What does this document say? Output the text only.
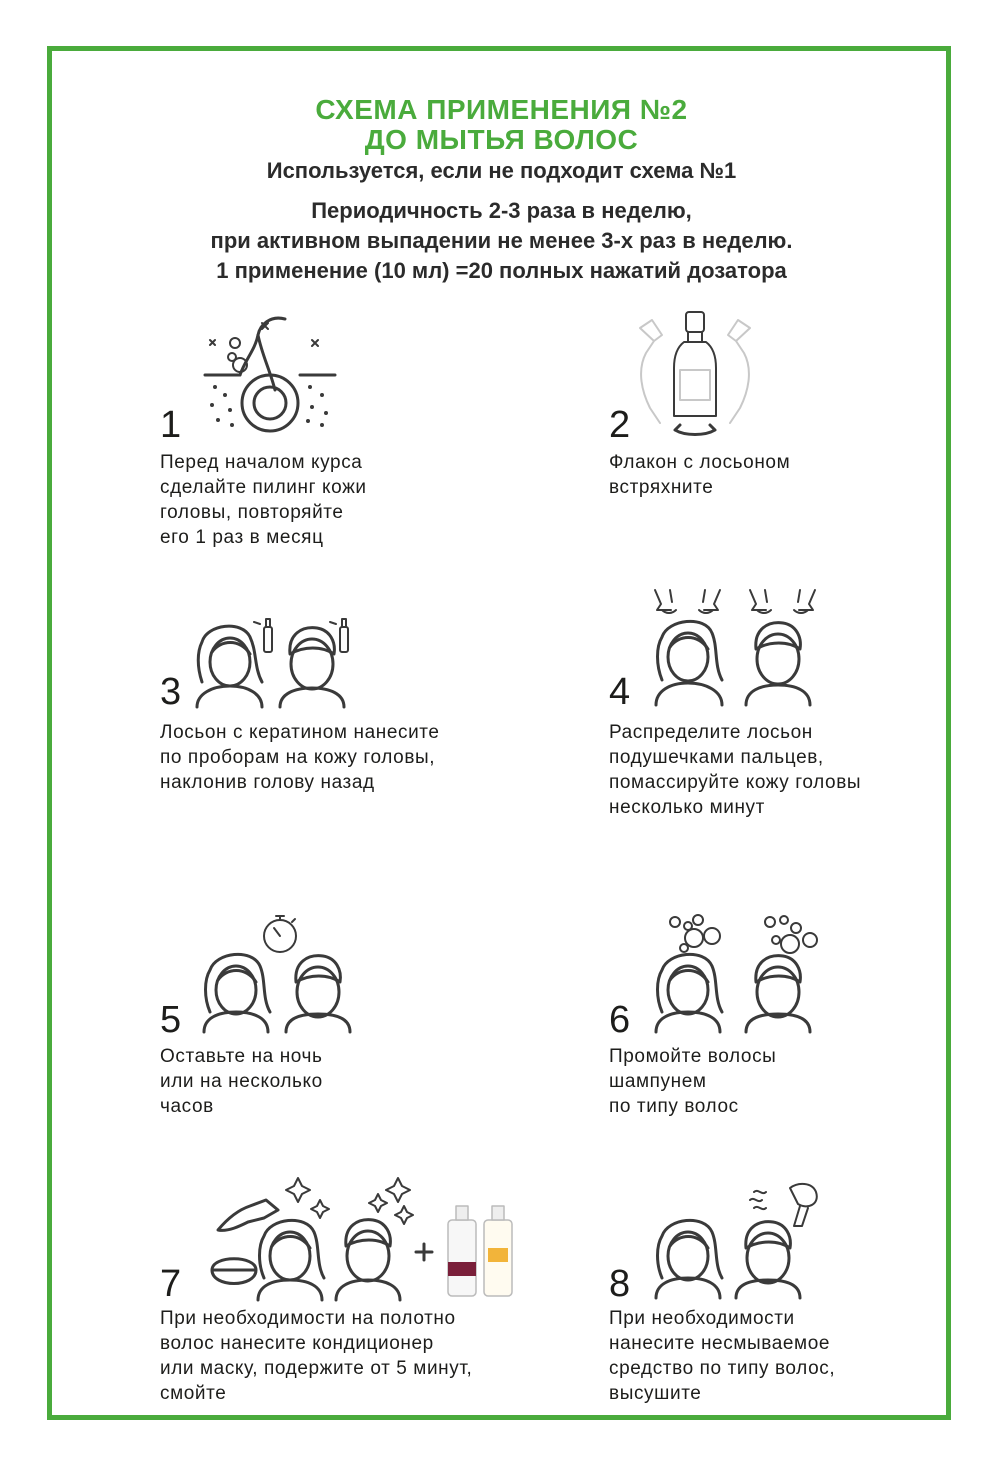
СХЕМА ПРИМЕНЕНИЯ №2
ДО МЫТЬЯ ВОЛОС
Используется, если не подходит схема №1
Периодичность 2-3 раза в неделю,
при активном выпадении не менее 3-х раз в неделю.
1 применение (10 мл) =20 полных нажатий дозатора
1
Перед началом курса
сделайте пилинг кожи
головы, повторяйте
его 1 раз в месяц
2
Флакон с лосьоном
встряхните
3
Лосьон с кератином нанесите
по проборам на кожу головы,
наклонив голову назад
4
Распределите лосьон
подушечками пальцев,
помассируйте кожу головы
несколько минут
5
Оставьте на ночь
или на несколько
часов
6
Промойте волосы
шампунем
по типу волос
7
При необходимости на полотно
волос нанесите кондиционер
или маску, подержите от 5 минут,
смойте
8
При необходимости
нанесите несмываемое
средство по типу волос,
высушите
